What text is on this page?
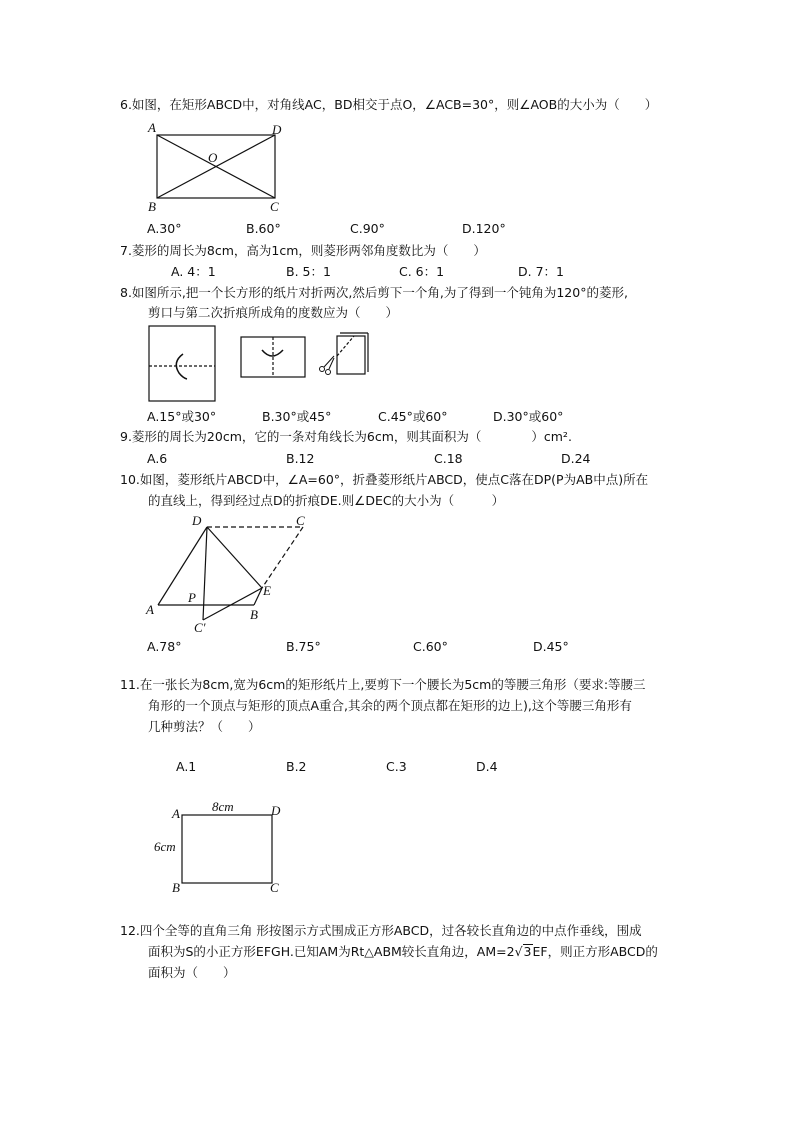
6.如图，在矩形ABCD中，对角线AC，BD相交于点O，∠ACB=30°，则∠AOB的大小为（　　）
A	D
B	C
O
A.30°	B.60°	C.90°	D.120°
7.菱形的周长为8cm，高为1cm，则菱形两邻角度数比为（　　）
A. 4：1	B. 5：1	C. 6：1	D. 7：1
8.如图所示,把一个长方形的纸片对折两次,然后剪下一个角,为了得到一个钝角为120°的菱形,
剪口与第二次折痕所成角的度数应为（　　）
A.15°或30°	B.30°或45°	C.45°或60°	D.30°或60°
9.菱形的周长为20cm，它的一条对角线长为6cm，则其面积为（　　　　）cm².
A.6	B.12	C.18	D.24
10.如图，菱形纸片ABCD中，∠A=60°，折叠菱形纸片ABCD，使点C落在DP(P为AB中点)所在
的直线上，得到经过点D的折痕DE.则∠DEC的大小为（　　　）
D	C
A
P	E
B
C′
A.78°	B.75°	C.60°	D.45°
11.在一张长为8cm,宽为6cm的矩形纸片上,要剪下一个腰长为5cm的等腰三角形（要求:等腰三
角形的一个顶点与矩形的顶点A重合,其余的两个顶点都在矩形的边上),这个等腰三角形有
几种剪法？（　　）
A.1	B.2	C.3	D.4
A	D
B	C
8cm
6cm
12.四个全等的直角三角 形按图示方式围成正方形ABCD，过各较长直角边的中点作垂线，围成
面积为S的小正方形EFGH.已知AM为Rt△ABM较长直角边，AM=2√3EF，则正方形ABCD的
面积为（　　）
